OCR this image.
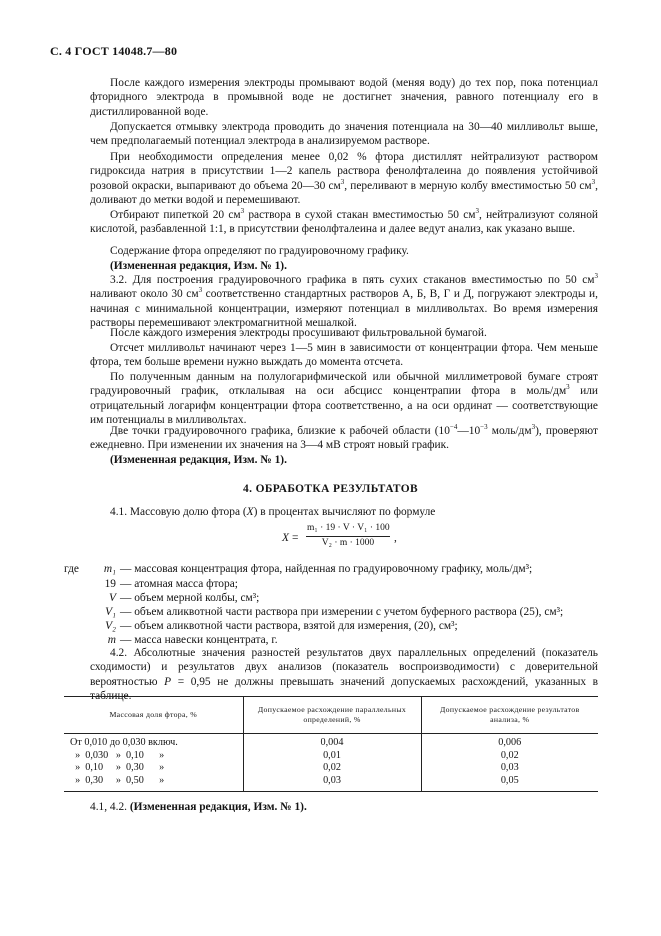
С. 4 ГОСТ 14048.7—80
После каждого измерения электроды промывают водой (меняя воду) до тех пор, пока потенциал фторидного электрода в промывной воде не достигнет значения, равного потенциалу его в дистиллированной воде.
Допускается отмывку электрода проводить до значения потенциала на 30—40 милливольт выше, чем предполагаемый потенциал электрода в анализируемом растворе.
При необходимости определения менее 0,02 % фтора дистиллят нейтрализуют раствором гидроксида натрия в присутствии 1—2 капель раствора фенолфталеина до появления устойчивой розовой окраски, выпаривают до объема 20—30 $см^3$, переливают в мерную колбу вместимостью 50 $см^3$, доливают до метки водой и перемешивают.
Отбирают пипеткой 20 $см^3$ раствора в сухой стакан вместимостью 50 $см^3$, нейтрализуют соляной кислотой, разбавленной 1:1, в присутствии фенолфталеина и далее ведут анализ, как указано выше.
Содержание фтора определяют по градуировочному графику.
(Измененная редакция, Изм. № 1).
3.2. Для построения градуировочного графика в пять сухих стаканов вместимостью по 50 $см^3$ наливают около 30 $см^3$ соответственно стандартных растворов А, Б, В, Г и Д, погружают электроды и, начиная с минимальной концентрации, измеряют потенциал в милливольтах. Во время измерения растворы перемешивают электромагнитной мешалкой.
После каждого измерения электроды просушивают фильтровальной бумагой.
Отсчет милливольт начинают через 1—5 мин в зависимости от концентрации фтора. Чем меньше фтора, тем больше времени нужно выждать до момента отсчета.
По полученным данным на полулогарифмической или обычной миллиметровой бумаге строят градуировочный график, отклалывая на оси абсцисс концентрапии фтора в моль/$дм^3$ или отрицательный логарифм концентрации фтора соответственно, а на оси ординат — соответствующие им потенциалы в милливольтах.
Две точки градуировочного графика, близкие к рабочей области ($10^{-4}—10^{-3}$ моль/$дм^3$), проверяют ежедневно. При изменении их значения на 3—4 мВ строят новый график.
(Измененная редакция, Изм. № 1).
4. ОБРАБОТКА РЕЗУЛЬТАТОВ
4.1. Массовую долю фтора (X) в процентах вычисляют по формуле
X =
m₁ · 19 · V · V₁ · 100
V₂ · m · 1000	,
где m₁ — массовая концентрация фтора, найденная по градуировочному графику, моль/дм³;
19 — атомная масса фтора;
V — объем мерной колбы, см³;
V₁ — объем аликвотной части раствора при измерении с учетом буферного раствора (25), см³;
V₂ — объем аликвотной части раствора, взятой для измерения, (20), см³;
m — масса навески концентрата, г.
4.2. Абсолютные значения разностей результатов двух параллельных определений (показатель сходимости) и результатов двух анализов (показатель воспроизводимости) с доверительной вероятностью P = 0,95 не должны превышать значений допускаемых расхождений, указанных в таблице.
Массовая доля фтора, %	Допускаемое расхождение параллельных определений, %	Допускаемое расхождение результатов анализа, %
От 0,010 до 0,030 включ.	0,004	0,006
»  0,030   »  0,10      »	0,01	0,02
»  0,10     »  0,30      »	0,02	0,03
»  0,30     »  0,50      »	0,03	0,05
4.1, 4.2. (Измененная редакция, Изм. № 1).
